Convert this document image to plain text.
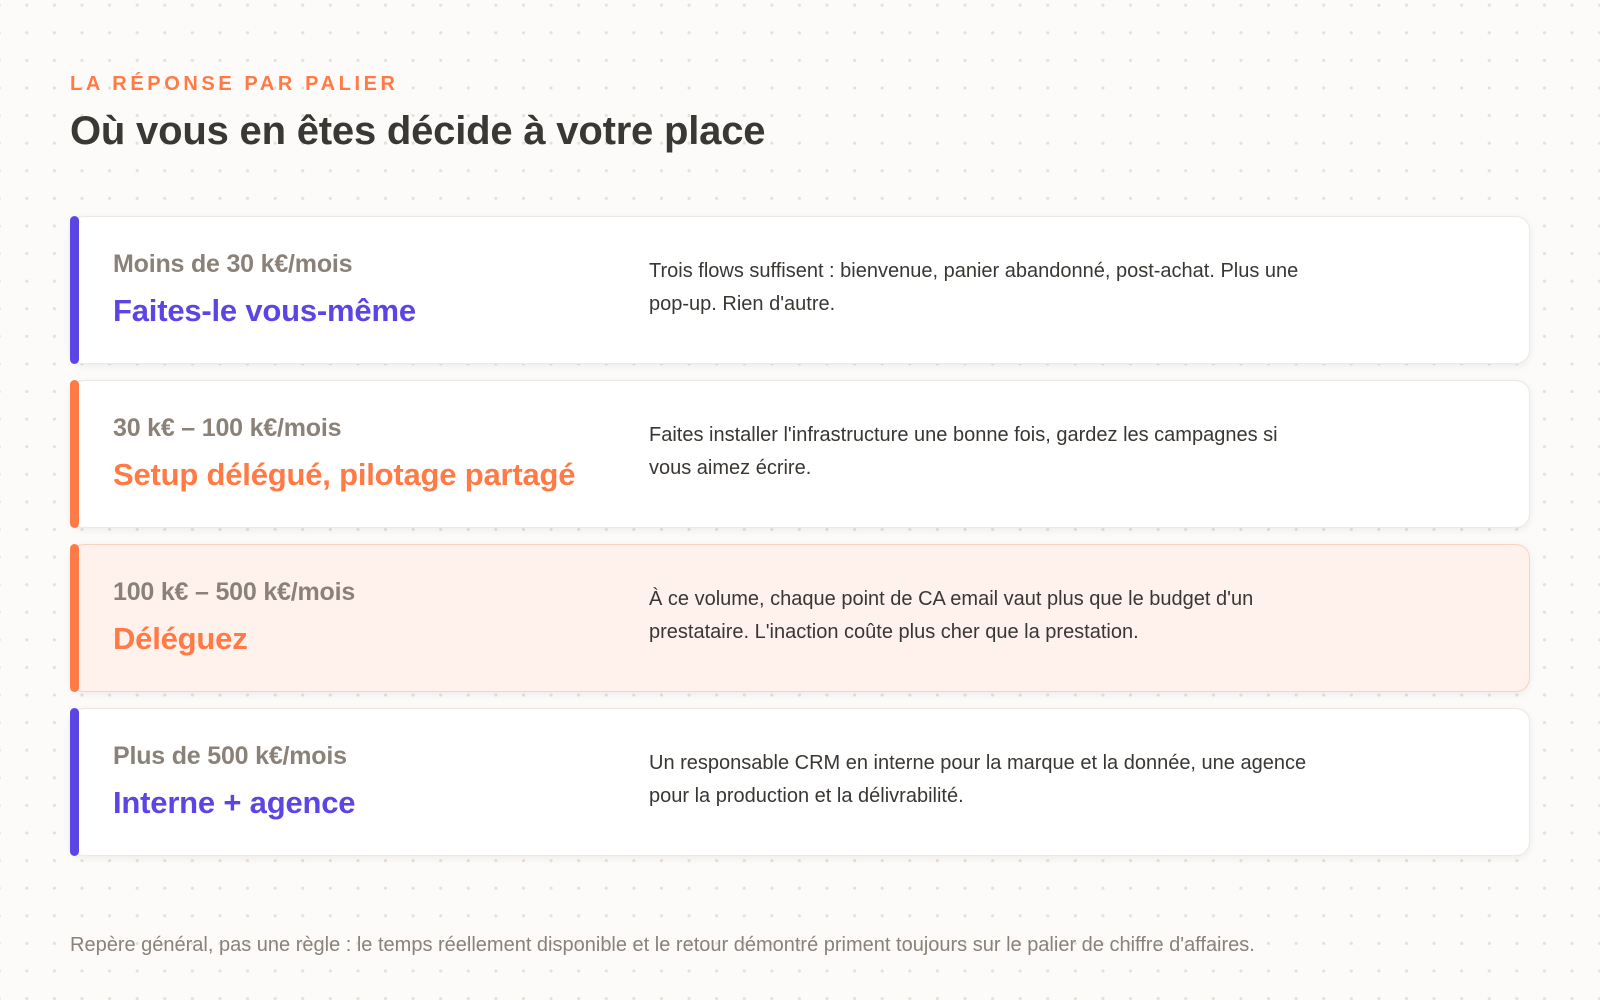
LA RÉPONSE PAR PALIER
Où vous en êtes décide à votre place
Moins de 30 k€/mois
Faites-le vous-même
Trois flows suffisent : bienvenue, panier abandonné, post-achat. Plus une pop-up. Rien d'autre.
30 k€ – 100 k€/mois
Setup délégué, pilotage partagé
Faites installer l'infrastructure une bonne fois, gardez les campagnes si vous aimez écrire.
100 k€ – 500 k€/mois
Déléguez
À ce volume, chaque point de CA email vaut plus que le budget d'un prestataire. L'inaction coûte plus cher que la prestation.
Plus de 500 k€/mois
Interne + agence
Un responsable CRM en interne pour la marque et la donnée, une agence pour la production et la délivrabilité.

Repère général, pas une règle : le temps réellement disponible et le retour démontré priment toujours sur le palier de chiffre d'affaires.
